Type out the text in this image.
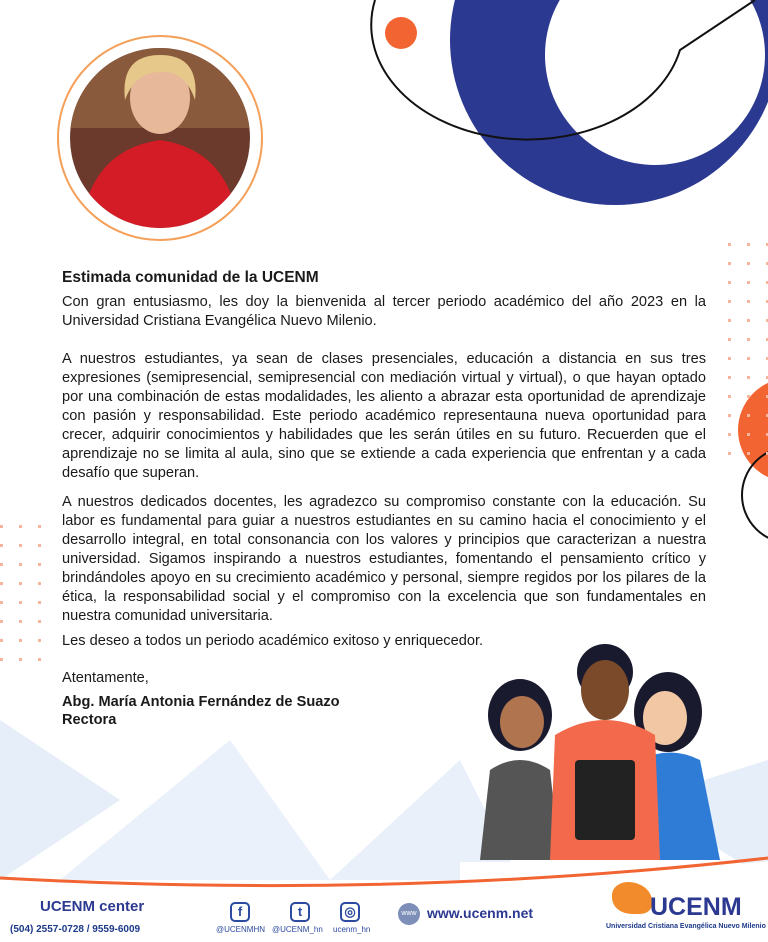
Estimada comunidad de la UCENM
Con gran entusiasmo, les doy la bienvenida al tercer periodo académico del año 2023 en la Universidad Cristiana Evangélica Nuevo Milenio.
A nuestros estudiantes, ya sean de clases presenciales, educación a distancia en sus tres expresiones (semipresencial, semipresencial con mediación virtual y virtual), o que hayan optado por una combinación de estas modalidades, les aliento a abrazar esta oportunidad de aprendizaje con pasión y responsabilidad. Este periodo académico representauna nueva oportunidad para crecer, adquirir conocimientos y habilidades que les serán útiles en su futuro. Recuerden que el aprendizaje no se limita al aula, sino que se extiende a cada experiencia que enfrentan y a cada desafío que superan.
A nuestros dedicados docentes, les agradezco su compromiso constante con la educación. Su labor es fundamental para guiar a nuestros estudiantes en su camino hacia el conocimiento y el desarrollo integral, en total consonancia con los valores y principios que caracterizan a nuestra universidad. Sigamos inspirando a nuestros estudiantes, fomentando el pensamiento crítico y brindándoles apoyo en su crecimiento académico y personal, siempre regidos por los pilares de la ética, la responsabilidad social y el compromiso con la excelencia que son fundamentales en nuestra comunidad universitaria.
Les deseo a todos un periodo académico exitoso y enriquecedor.
Atentamente,
Abg. María Antonia Fernández de Suazo
Rectora
UCENM center
(504) 2557-0728 / 9559-6009
f
@UCENMHN
t
@UCENM_hn
◎
ucenm_hn
www www.ucenm.net	UCENM
Universidad Cristiana Evangélica Nuevo Milenio
